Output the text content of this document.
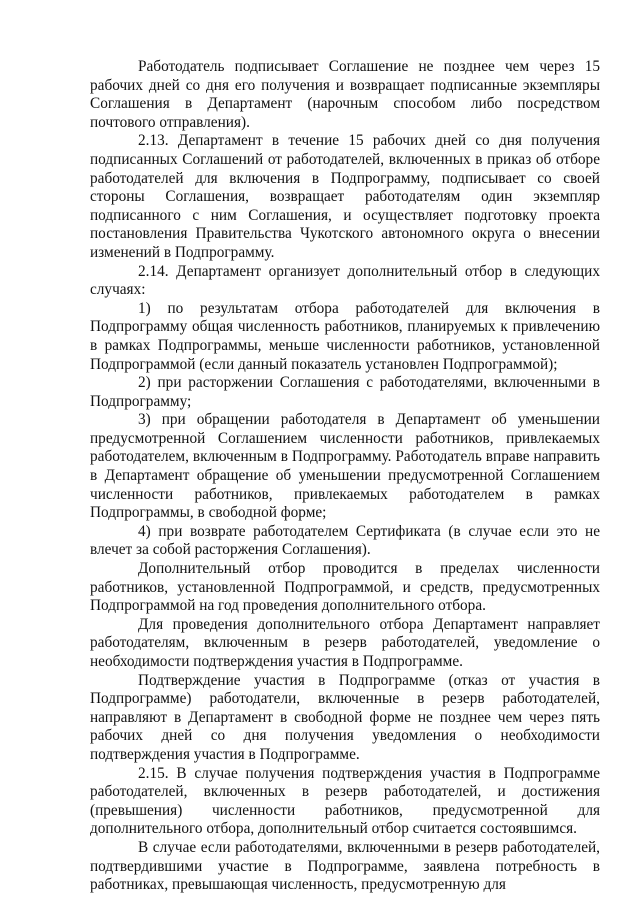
Работодатель подписывает Соглашение не позднее чем через 15 рабочих дней со дня его получения и возвращает подписанные экземпляры Соглашения в Департамент (нарочным способом либо посредством почтового отправления).

2.13. Департамент в течение 15 рабочих дней со дня получения подписанных Соглашений от работодателей, включенных в приказ об отборе работодателей для включения в Подпрограмму, подписывает со своей стороны Соглашения, возвращает работодателям один экземпляр подписанного с ним Соглашения, и осуществляет подготовку проекта постановления Правительства Чукотского автономного округа о внесении изменений в Подпрограмму.

2.14. Департамент организует дополнительный отбор в следующих случаях:

1) по результатам отбора работодателей для включения в Подпрограмму общая численность работников, планируемых к привлечению в рамках Подпрограммы, меньше численности работников, установленной Подпрограммой (если данный показатель установлен Подпрограммой);

2) при расторжении Соглашения с работодателями, включенными в Подпрограмму;

3) при обращении работодателя в Департамент об уменьшении предусмотренной Соглашением численности работников, привлекаемых работодателем, включенным в Подпрограмму. Работодатель вправе направить в Департамент обращение об уменьшении предусмотренной Соглашением численности работников, привлекаемых работодателем в рамках Подпрограммы, в свободной форме;

4) при возврате работодателем Сертификата (в случае если это не влечет за собой расторжения Соглашения).

Дополнительный отбор проводится в пределах численности работников, установленной Подпрограммой, и средств, предусмотренных Подпрограммой на год проведения дополнительного отбора.

Для проведения дополнительного отбора Департамент направляет работодателям, включенным в резерв работодателей, уведомление о необходимости подтверждения участия в Подпрограмме.

Подтверждение участия в Подпрограмме (отказ от участия в Подпрограмме) работодатели, включенные в резерв работодателей, направляют в Департамент в свободной форме не позднее чем через пять рабочих дней со дня получения уведомления о необходимости подтверждения участия в Подпрограмме.

2.15. В случае получения подтверждения участия в Подпрограмме работодателей, включенных в резерв работодателей, и достижения (превышения) численности работников, предусмотренной для дополнительного отбора, дополнительный отбор считается состоявшимся.

В случае если работодателями, включенными в резерв работодателей, подтвердившими участие в Подпрограмме, заявлена потребность в работниках, превышающая численность, предусмотренную для
